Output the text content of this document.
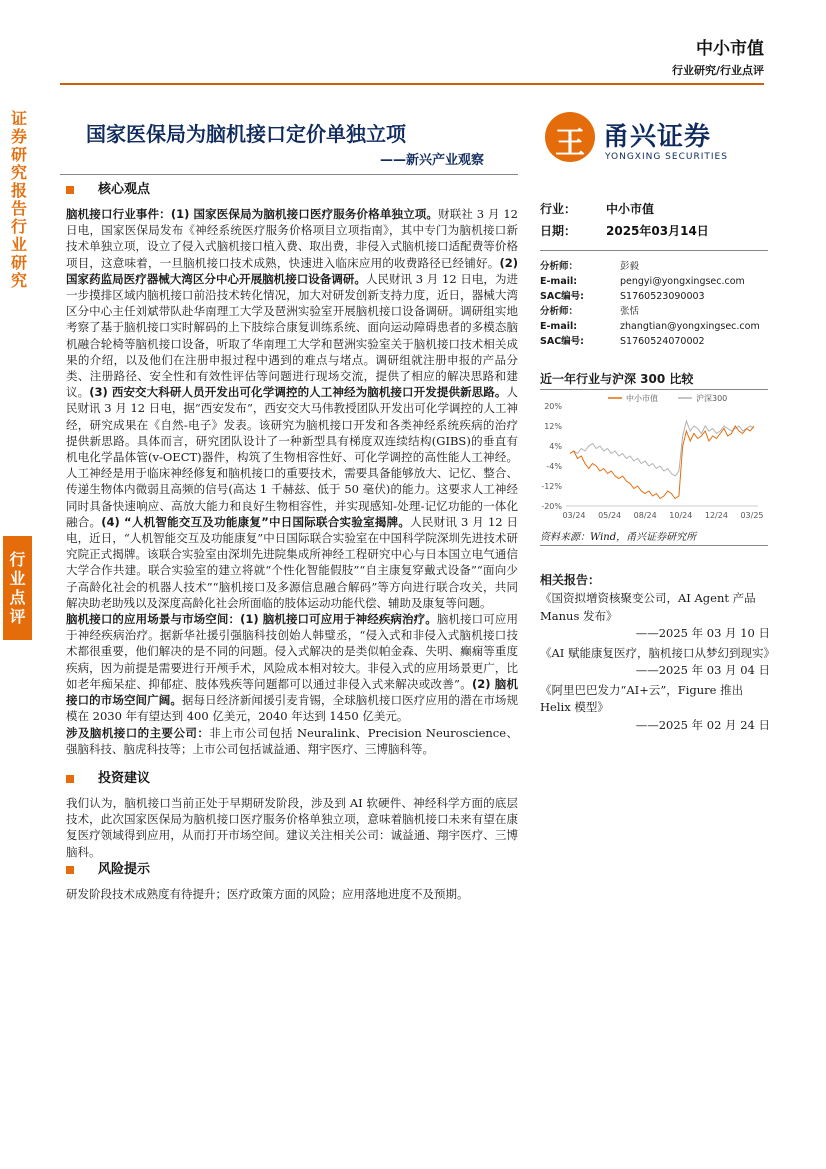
中小市值
行业研究/行业点评
证券研究报告 行业研究
行业点评
国家医保局为脑机接口定价单独立项
——新兴产业观察	王 甬兴证券
YONGXING SECURITIES
核心观点
脑机接口行业事件：(1) 国家医保局为脑机接口医疗服务价格单独立项。财联社 3 月 12 日电，国家医保局发布《神经系统医疗服务价格项目立项指南》，其中专门为脑机接口新技术单独立项，设立了侵入式脑机接口植入费、取出费，非侵入式脑机接口适配费等价格项目，这意味着，一旦脑机接口技术成熟，快速进入临床应用的收费路径已经铺好。(2) 国家药监局医疗器械大湾区分中心开展脑机接口设备调研。人民财讯 3 月 12 日电，为进一步摸排区域内脑机接口前沿技术转化情况，加大对研发创新支持力度，近日，器械大湾区分中心主任刘斌带队赴华南理工大学及琶洲实验室开展脑机接口设备调研。调研组实地考察了基于脑机接口实时解码的上下肢综合康复训练系统、面向运动障碍患者的多模态脑机融合轮椅等脑机接口设备，听取了华南理工大学和琶洲实验室关于脑机接口技术相关成果的介绍，以及他们在注册申报过程中遇到的难点与堵点。调研组就注册申报的产品分类、注册路径、安全性和有效性评估等问题进行现场交流，提供了相应的解决思路和建议。(3) 西安交大科研人员开发出可化学调控的人工神经为脑机接口开发提供新思路。人民财讯 3 月 12 日电，据“西安发布”，西安交大马伟教授团队开发出可化学调控的人工神经，研究成果在《自然-电子》发表。该研究为脑机接口开发和各类神经系统疾病的治疗提供新思路。具体而言，研究团队设计了一种新型具有梯度双连续结构(GIBS)的垂直有机电化学晶体管(v-OECT)器件，构筑了生物相容性好、可化学调控的高性能人工神经。人工神经是用于临床神经修复和脑机接口的重要技术，需要具备能够放大、记忆、整合、传递生物体内微弱且高频的信号(高达 1 千赫兹、低于 50 毫伏)的能力。这要求人工神经同时具备快速响应、高放大能力和良好生物相容性，并实现感知-处理-记忆功能的一体化融合。(4) “人机智能交互及功能康复”中日国际联合实验室揭牌。人民财讯 3 月 12 日电，近日，“人机智能交互及功能康复”中日国际联合实验室在中国科学院深圳先进技术研究院正式揭牌。该联合实验室由深圳先进院集成所神经工程研究中心与日本国立电气通信大学合作共建。联合实验室的建立将就“个性化智能假肢”“自主康复穿戴式设备”“面向少子高龄化社会的机器人技术”“脑机接口及多源信息融合解码”等方向进行联合攻关，共同解决助老助残以及深度高龄化社会所面临的肢体运动功能代偿、辅助及康复等问题。
脑机接口的应用场景与市场空间：(1) 脑机接口可应用于神经疾病治疗。脑机接口可应用于神经疾病治疗。据新华社援引强脑科技创始人韩璧丞，“侵入式和非侵入式脑机接口技术都很重要，他们解决的是不同的问题。侵入式解决的是类似帕金森、失明、癫痫等重度疾病，因为前提是需要进行开颅手术，风险成本相对较大。非侵入式的应用场景更广，比如老年痴呆症、抑郁症、肢体残疾等问题都可以通过非侵入式来解决或改善”。(2) 脑机接口的市场空间广阔。据每日经济新闻援引麦肯锡，全球脑机接口医疗应用的潜在市场规模在 2030 年有望达到 400 亿美元，2040 年达到 1450 亿美元。
涉及脑机接口的主要公司：非上市公司包括 Neuralink、Precision Neuroscience、强脑科技、脑虎科技等；上市公司包括诚益通、翔宇医疗、三博脑科等。
投资建议
我们认为，脑机接口当前正处于早期研发阶段，涉及到 AI 软硬件、神经科学方面的底层技术，此次国家医保局为脑机接口医疗服务价格单独立项，意味着脑机接口未来有望在康复医疗领域得到应用，从而打开市场空间。建议关注相关公司：诚益通、翔宇医疗、三博脑科。
风险提示
研发阶段技术成熟度有待提升；医疗政策方面的风险；应用落地进度不及预期。
行业：	中小市值
日期：	2025年03月14日
分析师：	彭毅
E-mail:	pengyi@yongxingsec.com
SAC编号:	S1760523090003
分析师：	张恬
E-mail:	zhangtian@yongxingsec.com
SAC编号:	S1760524070002
近一年行业与沪深 300 比较
20%
12%
4%
-4%
-12%
-20%
03/24 05/24 08/24 10/24 12/24 03/25
中小市值	沪深300
资料来源：Wind，甬兴证券研究所
相关报告：
《国资拟增资核聚变公司，AI Agent 产品 Manus 发布》
——2025 年 03 月 10 日
《AI 赋能康复医疗，脑机接口从梦幻到现实》
——2025 年 03 月 04 日
《阿里巴巴发力“AI+云”，Figure 推出 Helix 模型》
——2025 年 02 月 24 日
